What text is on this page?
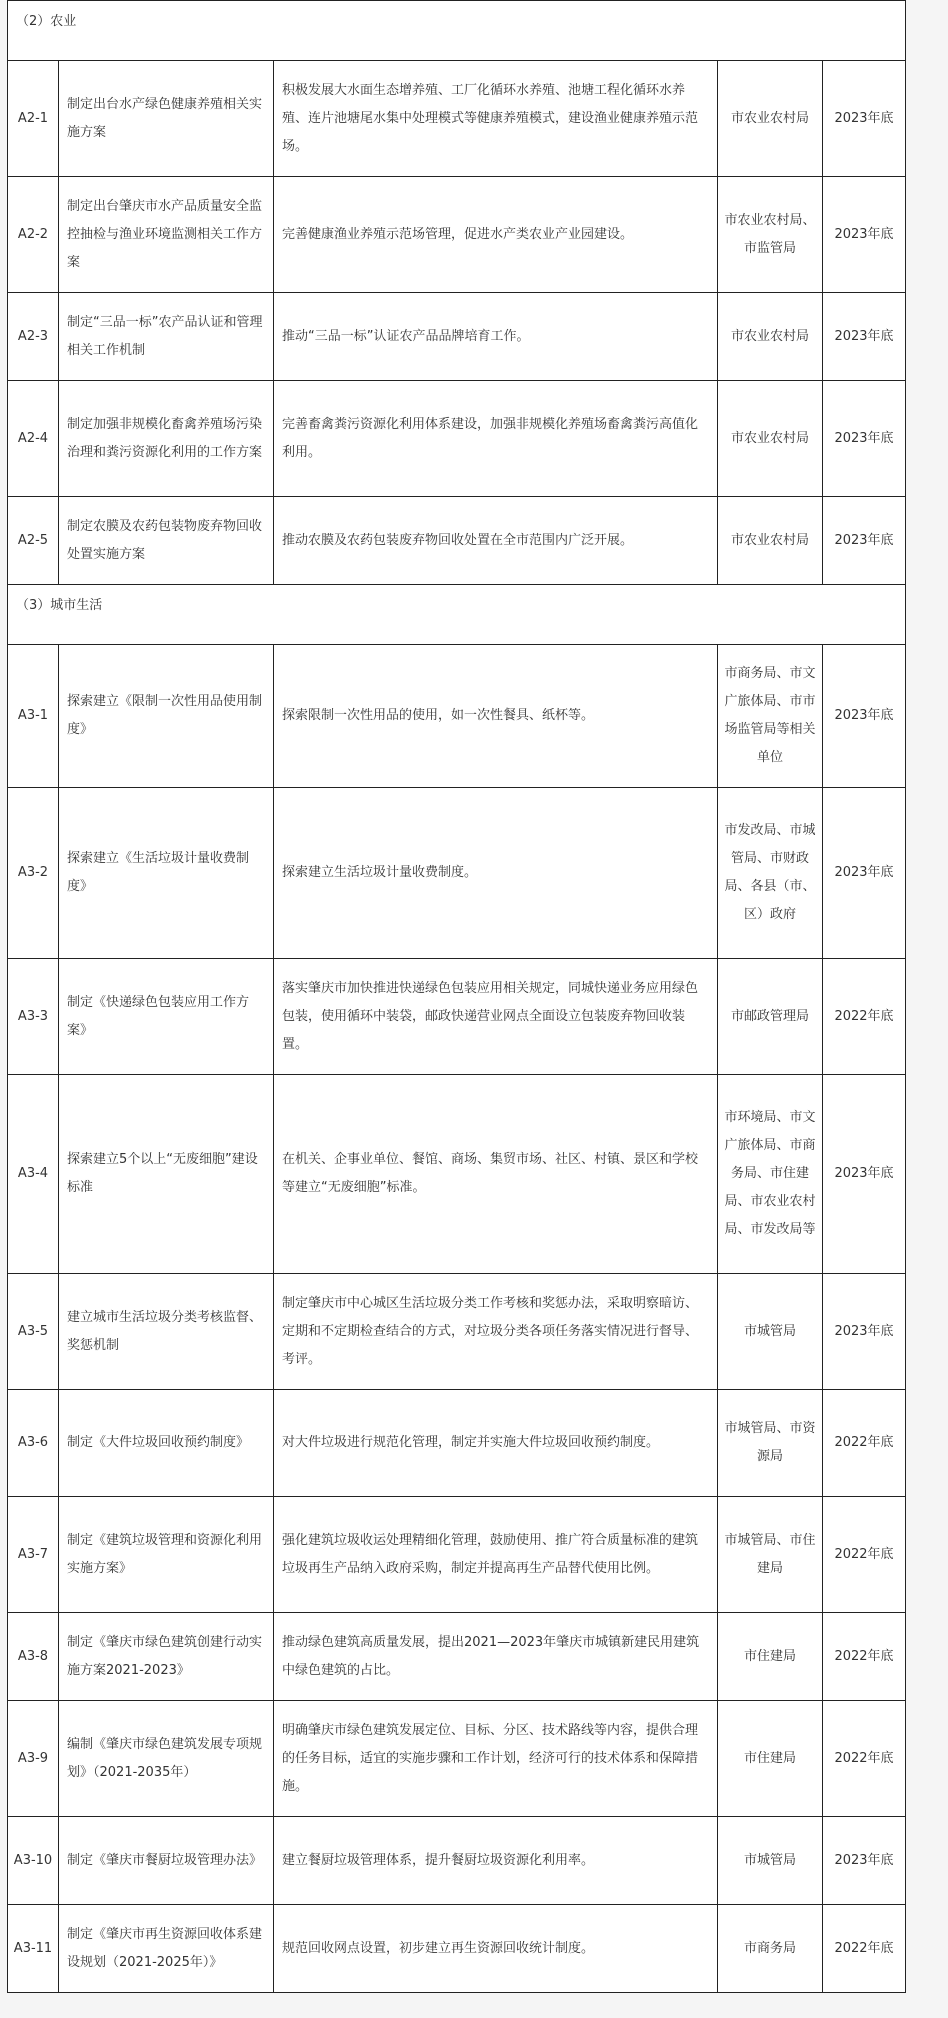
（2）农业				
A2-1	制定出台水产绿色健康养殖相关实施方案	积极发展大水面生态增养殖、工厂化循环水养殖、池塘工程化循环水养殖、连片池塘尾水集中处理模式等健康养殖模式，建设渔业健康养殖示范场。	市农业农村局	2023年底
A2-2	制定出台肇庆市水产品质量安全监控抽检与渔业环境监测相关工作方案	完善健康渔业养殖示范场管理，促进水产类农业产业园建设。	市农业农村局、市监管局	2023年底
A2-3	制定“三品一标”农产品认证和管理相关工作机制	推动“三品一标”认证农产品品牌培育工作。	市农业农村局	2023年底
A2-4	制定加强非规模化畜禽养殖场污染治理和粪污资源化利用的工作方案	完善畜禽粪污资源化利用体系建设，加强非规模化养殖场畜禽粪污高值化利用。	市农业农村局	2023年底
A2-5	制定农膜及农药包装物废弃物回收处置实施方案	推动农膜及农药包装废弃物回收处置在全市范围内广泛开展。	市农业农村局	2023年底
（3）城市生活				
A3-1	探索建立《限制一次性用品使用制度》	探索限制一次性用品的使用，如一次性餐具、纸杯等。	市商务局、市文广旅体局、市市场监管局等相关单位	2023年底
A3-2	探索建立《生活垃圾计量收费制度》	探索建立生活垃圾计量收费制度。	市发改局、市城管局、市财政局、各县（市、区）政府	2023年底
A3-3	制定《快递绿色包装应用工作方案》	落实肇庆市加快推进快递绿色包装应用相关规定，同城快递业务应用绿色包装，使用循环中装袋，邮政快递营业网点全面设立包装废弃物回收装置。	市邮政管理局	2022年底
A3-4	探索建立5个以上“无废细胞”建设标准	在机关、企事业单位、餐馆、商场、集贸市场、社区、村镇、景区和学校等建立“无废细胞”标准。	市环境局、市文广旅体局、市商务局、市住建局、市农业农村局、市发改局等	2023年底
A3-5	建立城市生活垃圾分类考核监督、奖惩机制	制定肇庆市中心城区生活垃圾分类工作考核和奖惩办法，采取明察暗访、定期和不定期检查结合的方式，对垃圾分类各项任务落实情况进行督导、考评。	市城管局	2023年底
A3-6	制定《大件垃圾回收预约制度》	对大件垃圾进行规范化管理，制定并实施大件垃圾回收预约制度。	市城管局、市资源局	2022年底
A3-7	制定《建筑垃圾管理和资源化利用实施方案》	强化建筑垃圾收运处理精细化管理，鼓励使用、推广符合质量标准的建筑垃圾再生产品纳入政府采购，制定并提高再生产品替代使用比例。	市城管局、市住建局	2022年底
A3-8	制定《肇庆市绿色建筑创建行动实施方案2021-2023》	推动绿色建筑高质量发展，提出2021—2023年肇庆市城镇新建民用建筑中绿色建筑的占比。	市住建局	2022年底
A3-9	编制《肇庆市绿色建筑发展专项规划》（2021-2035年）	明确肇庆市绿色建筑发展定位、目标、分区、技术路线等内容，提供合理的任务目标，适宜的实施步骤和工作计划，经济可行的技术体系和保障措施。	市住建局	2022年底
A3-10	制定《肇庆市餐厨垃圾管理办法》	建立餐厨垃圾管理体系，提升餐厨垃圾资源化利用率。	市城管局	2023年底
A3-11	制定《肇庆市再生资源回收体系建设规划（2021-2025年）》	规范回收网点设置，初步建立再生资源回收统计制度。	市商务局	2022年底
